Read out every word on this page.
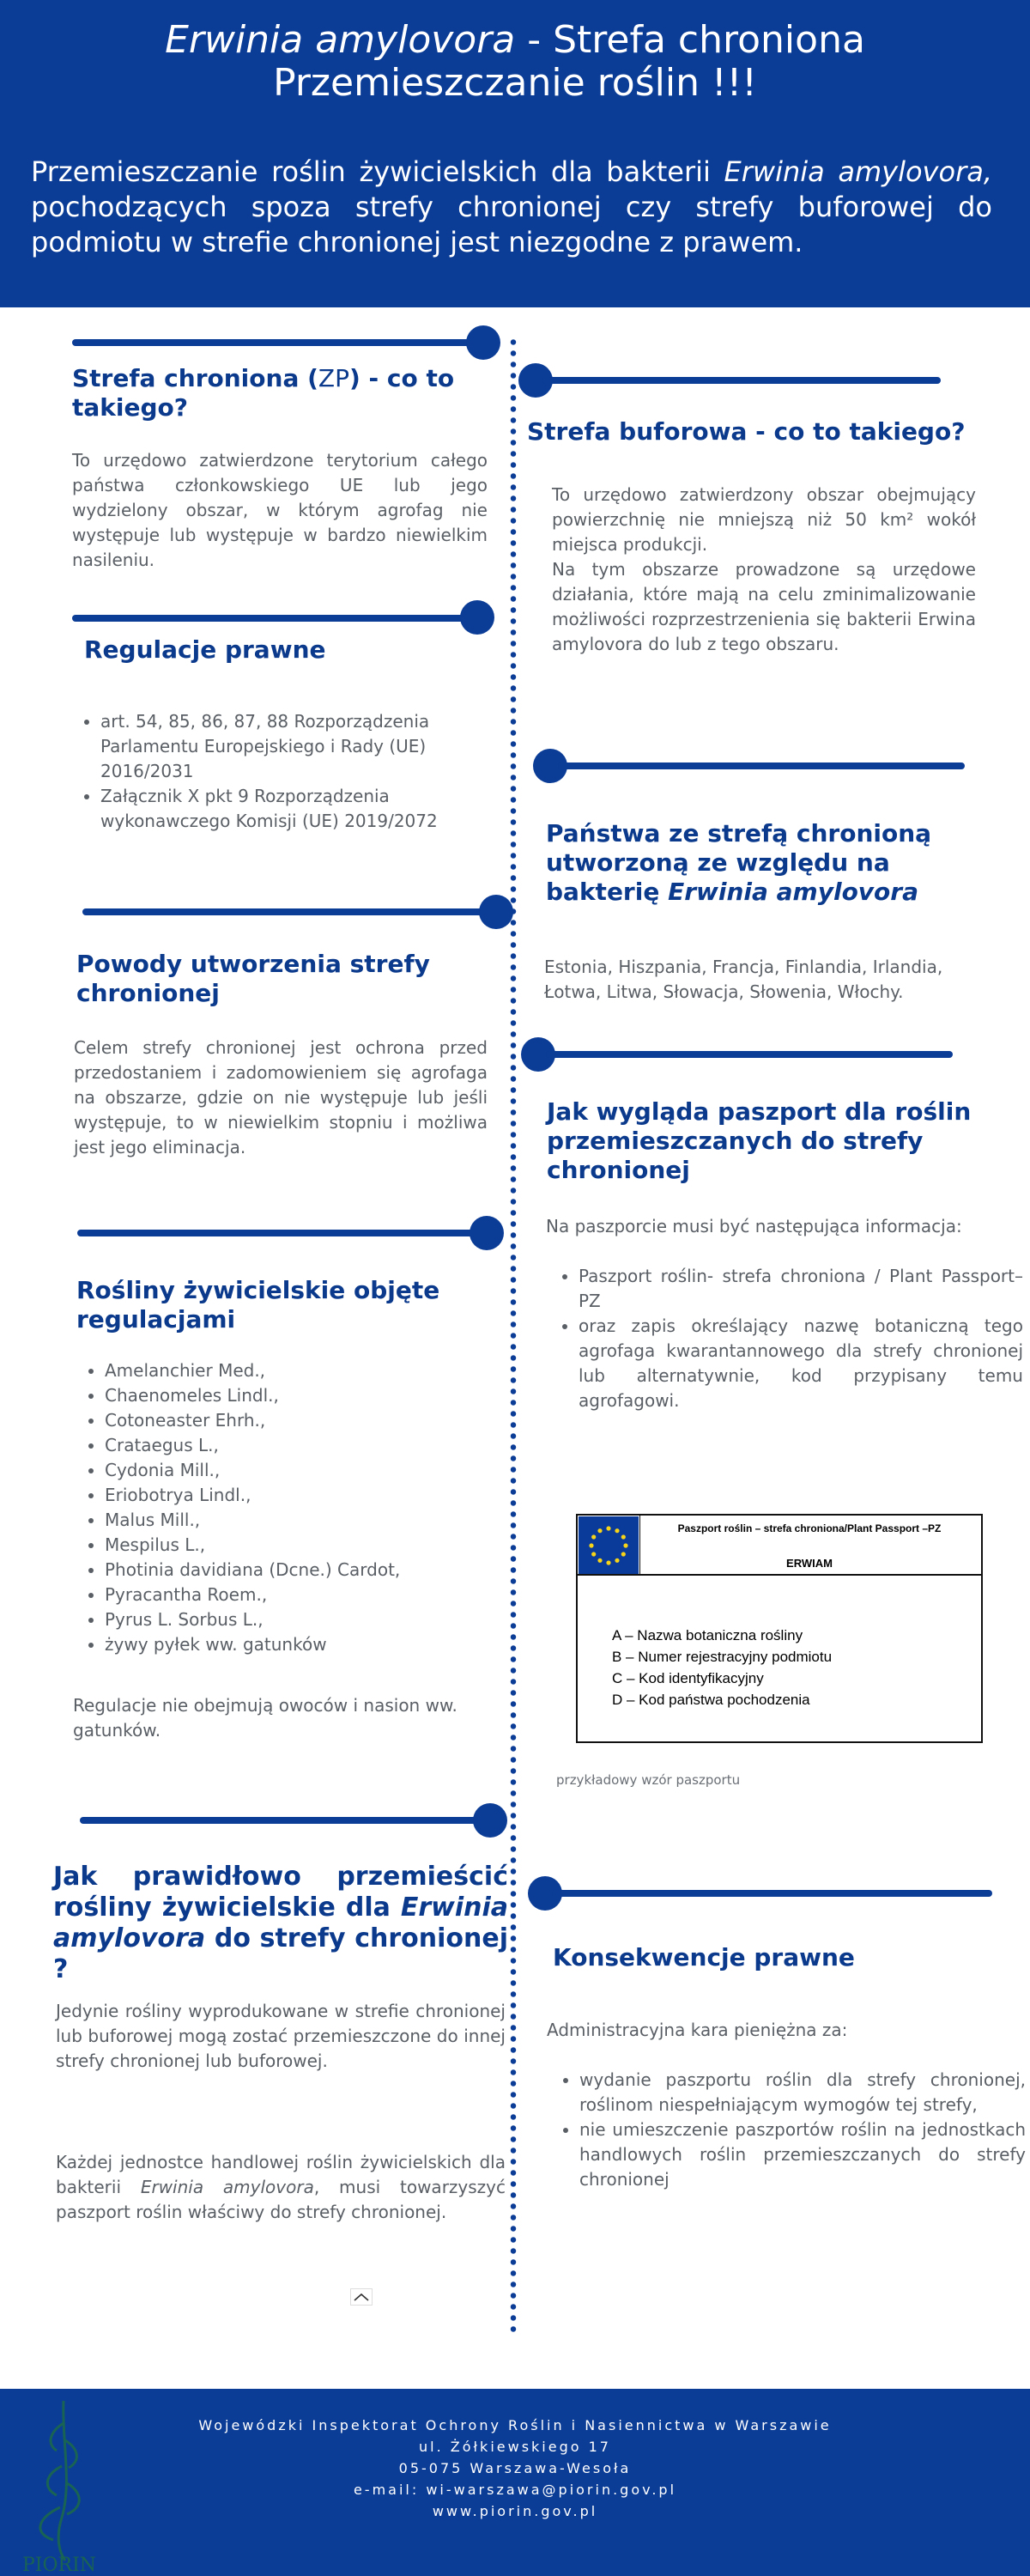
Erwinia amylovora - Strefa chroniona
Przemieszczanie roślin !!!
Przemieszczanie roślin żywicielskich dla bakterii Erwinia amylovora, pochodzących spoza strefy chronionej czy strefy buforowej do podmiotu w strefie chronionej jest niezgodne z prawem.
Strefa chroniona (ZP) - co to takiego?
To urzędowo zatwierdzone terytorium całego państwa członkowskiego UE lub jego wydzielony obszar, w którym agrofag nie występuje lub występuje w bardzo niewielkim nasileniu.
Strefa buforowa - co to takiego?
To urzędowo zatwierdzony obszar obejmujący powierzchnię nie mniejszą niż 50 km² wokół miejsca produkcji.
Na tym obszarze prowadzone są urzędowe działania, które mają na celu zminimalizowanie możliwości rozprzestrzenienia się bakterii Erwina amylovora do lub z tego obszaru.
Regulacje prawne
• art. 54, 85, 86, 87, 88 Rozporządzenia Parlamentu Europejskiego i Rady (UE) 2016/2031
• Załącznik X pkt 9 Rozporządzenia wykonawczego Komisji (UE) 2019/2072	Państwa ze strefą chronioną utworzoną ze względu na bakterię Erwinia amylovora
Estonia, Hiszpania, Francja, Finlandia, Irlandia, Łotwa, Litwa, Słowacja, Słowenia, Włochy.
Powody utworzenia strefy chronionej
Celem strefy chronionej jest ochrona przed przedostaniem i zadomowieniem się agrofaga na obszarze, gdzie on nie występuje lub jeśli występuje, to w niewielkim stopniu i możliwa jest jego eliminacja.
Jak wygląda paszport dla roślin przemieszczanych do strefy chronionej
Na paszporcie musi być następująca informacja:
• Paszport roślin- strefa chroniona / Plant Passport–PZ
• oraz zapis określający nazwę botaniczną tego agrofaga kwarantannowego dla strefy chronionej lub alternatywnie, kod przypisany temu agrofagowi.
Paszport roślin – strefa chroniona/Plant Passport –PZ
ERWIAM
A – Nazwa botaniczna rośliny
B – Numer rejestracyjny podmiotu
C – Kod identyfikacyjny
D – Kod państwa pochodzenia
przykładowy wzór paszportu
Rośliny żywicielskie objęte regulacjami
• Amelanchier Med.,
• Chaenomeles Lindl.,
• Cotoneaster Ehrh.,
• Crataegus L.,
• Cydonia Mill.,
• Eriobotrya Lindl.,
• Malus Mill.,
• Mespilus L.,
• Photinia davidiana (Dcne.) Cardot,
• Pyracantha Roem.,
• Pyrus L. Sorbus L.,
• żywy pyłek ww. gatunków
Regulacje nie obejmują owoców i nasion ww. gatunków.
Jak prawidłowo przemieścić rośliny żywicielskie dla Erwinia amylovora do strefy chronionej ?
Jedynie rośliny wyprodukowane w strefie chronionej lub buforowej mogą zostać przemieszczone do innej strefy chronionej lub buforowej.
Każdej jednostce handlowej roślin żywicielskich dla bakterii Erwinia amylovora, musi towarzyszyć paszport roślin właściwy do strefy chronionej.
Konsekwencje prawne
Administracyjna kara pieniężna za:
• wydanie paszportu roślin dla strefy chronionej, roślinom niespełniającym wymogów tej strefy,
• nie umieszczenie paszportów roślin na jednostkach handlowych roślin przemieszczanych do strefy chronionej
Wojewódzki Inspektorat Ochrony Roślin i Nasiennictwa w Warszawie
ul. Żółkiewskiego 17
05-075 Warszawa-Wesoła
e-mail: wi-warszawa@piorin.gov.pl
www.piorin.gov.pl
PIORIN
